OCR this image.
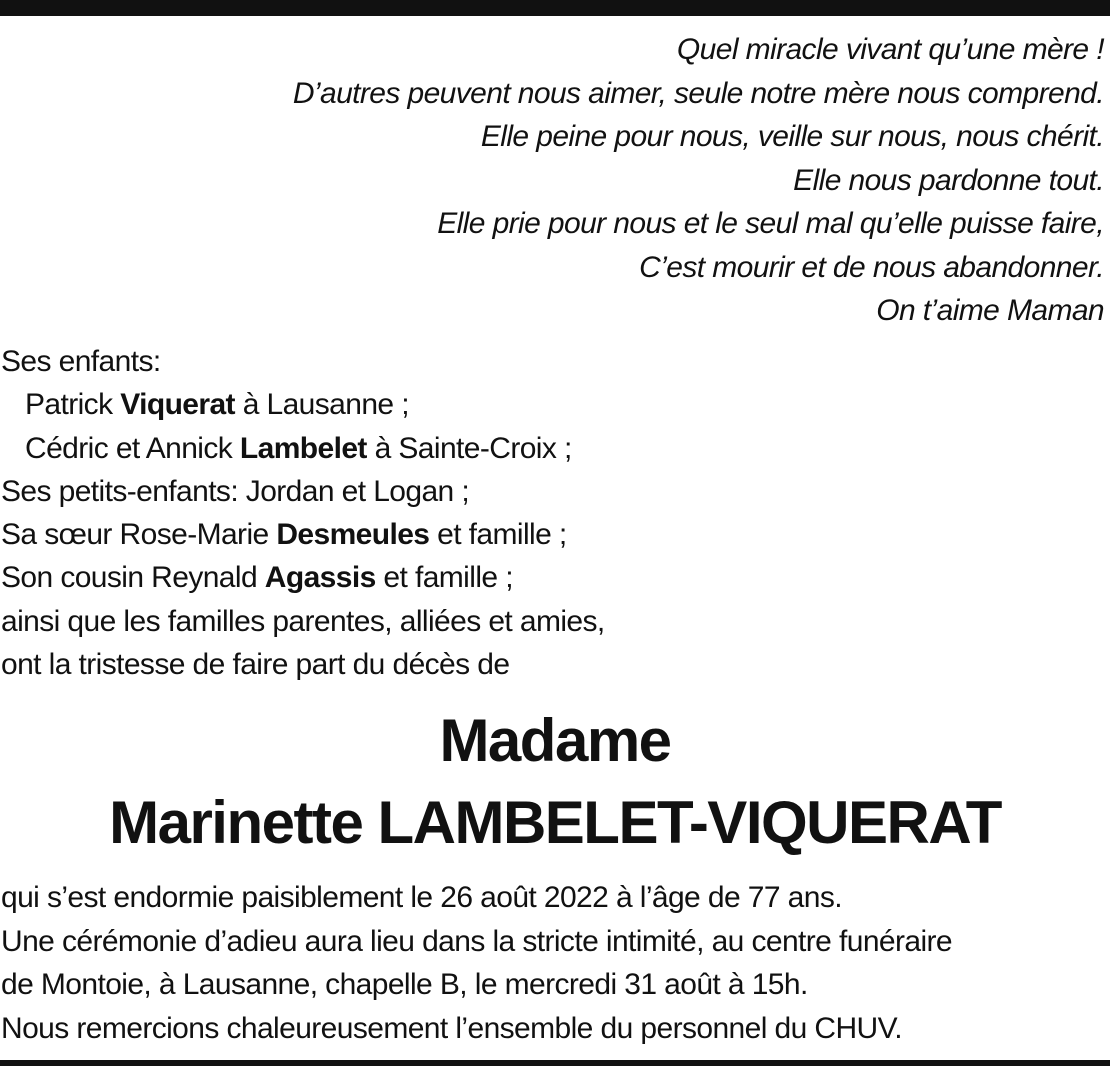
Quel miracle vivant qu’une mère !
D’autres peuvent nous aimer, seule notre mère nous comprend.
Elle peine pour nous, veille sur nous, nous chérit.
Elle nous pardonne tout.
Elle prie pour nous et le seul mal qu’elle puisse faire,
C’est mourir et de nous abandonner.
On t’aime Maman
Ses enfants:
Patrick Viquerat à Lausanne ;
Cédric et Annick Lambelet à Sainte-Croix ;
Ses petits-enfants: Jordan et Logan ;
Sa sœur Rose-Marie Desmeules et famille ;
Son cousin Reynald Agassis et famille ;
ainsi que les familles parentes, alliées et amies,
ont la tristesse de faire part du décès de
Madame
Marinette LAMBELET-VIQUERAT
qui s’est endormie paisiblement le 26 août 2022 à l’âge de 77 ans.
Une cérémonie d’adieu aura lieu dans la stricte intimité, au centre funéraire
de Montoie, à Lausanne, chapelle B, le mercredi 31 août à 15h.
Nous remercions chaleureusement l’ensemble du personnel du CHUV.
